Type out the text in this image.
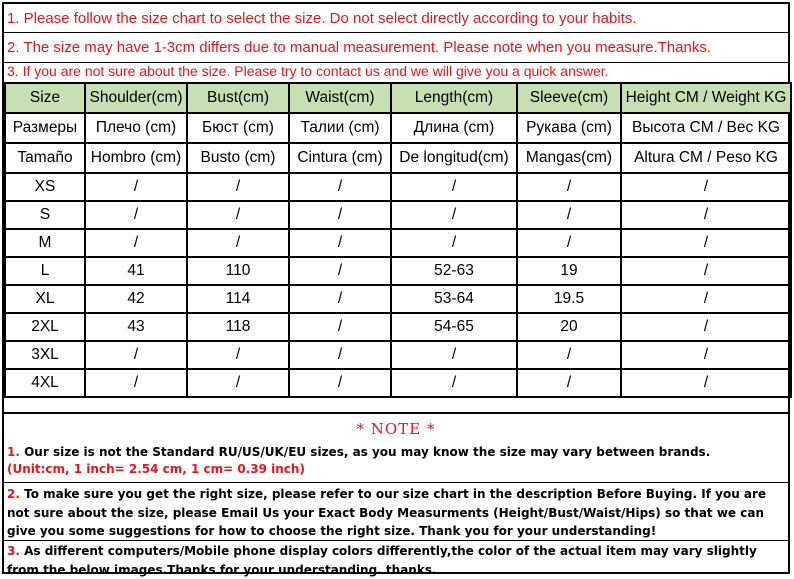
1. Please follow the size chart to select the size. Do not select directly according to your habits.
2. The size may have 1-3cm differs due to manual measurement. Please note when you measure.Thanks.
3. If you are not sure about the size. Please try to contact us and we will give you a quick answer.
Size	Shoulder(cm)	Bust(cm)	Waist(cm)	Length(cm)	Sleeve(cm)	Height CM / Weight KG
Размеры	Плечо (cm)	Бюст (cm)	Талии (cm)	Длина (cm)	Рукава (cm)	Высота CM / Вес KG
Tamaño	Hombro (cm)	Busto (cm)	Cintura (cm)	De longitud(cm)	Mangas(cm)	Altura CM / Peso KG
XS	/	/	/	/	/	/
S	/	/	/	/	/	/
M	/	/	/	/	/	/
L	41	110	/	52-63	19	/
XL	42	114	/	53-64	19.5	/
2XL	43	118	/	54-65	20	/
3XL	/	/	/	/	/	/
4XL	/	/	/	/	/	/
* NOTE *
1. Our size is not the Standard RU/US/UK/EU sizes, as you may know the size may vary between brands.
(Unit:cm, 1 inch= 2.54 cm, 1 cm= 0.39 inch)
2. To make sure you get the right size, please refer to our size chart in the description Before Buying. If you are not sure about the size, please Email Us your Exact Body Measurments (Height/Bust/Waist/Hips) so that we can give you some suggestions for how to choose the right size. Thank you for your understanding!
3. As different computers/Mobile phone display colors differently,the color of the actual item may vary slightly from the below images.Thanks for your understanding. thanks.
